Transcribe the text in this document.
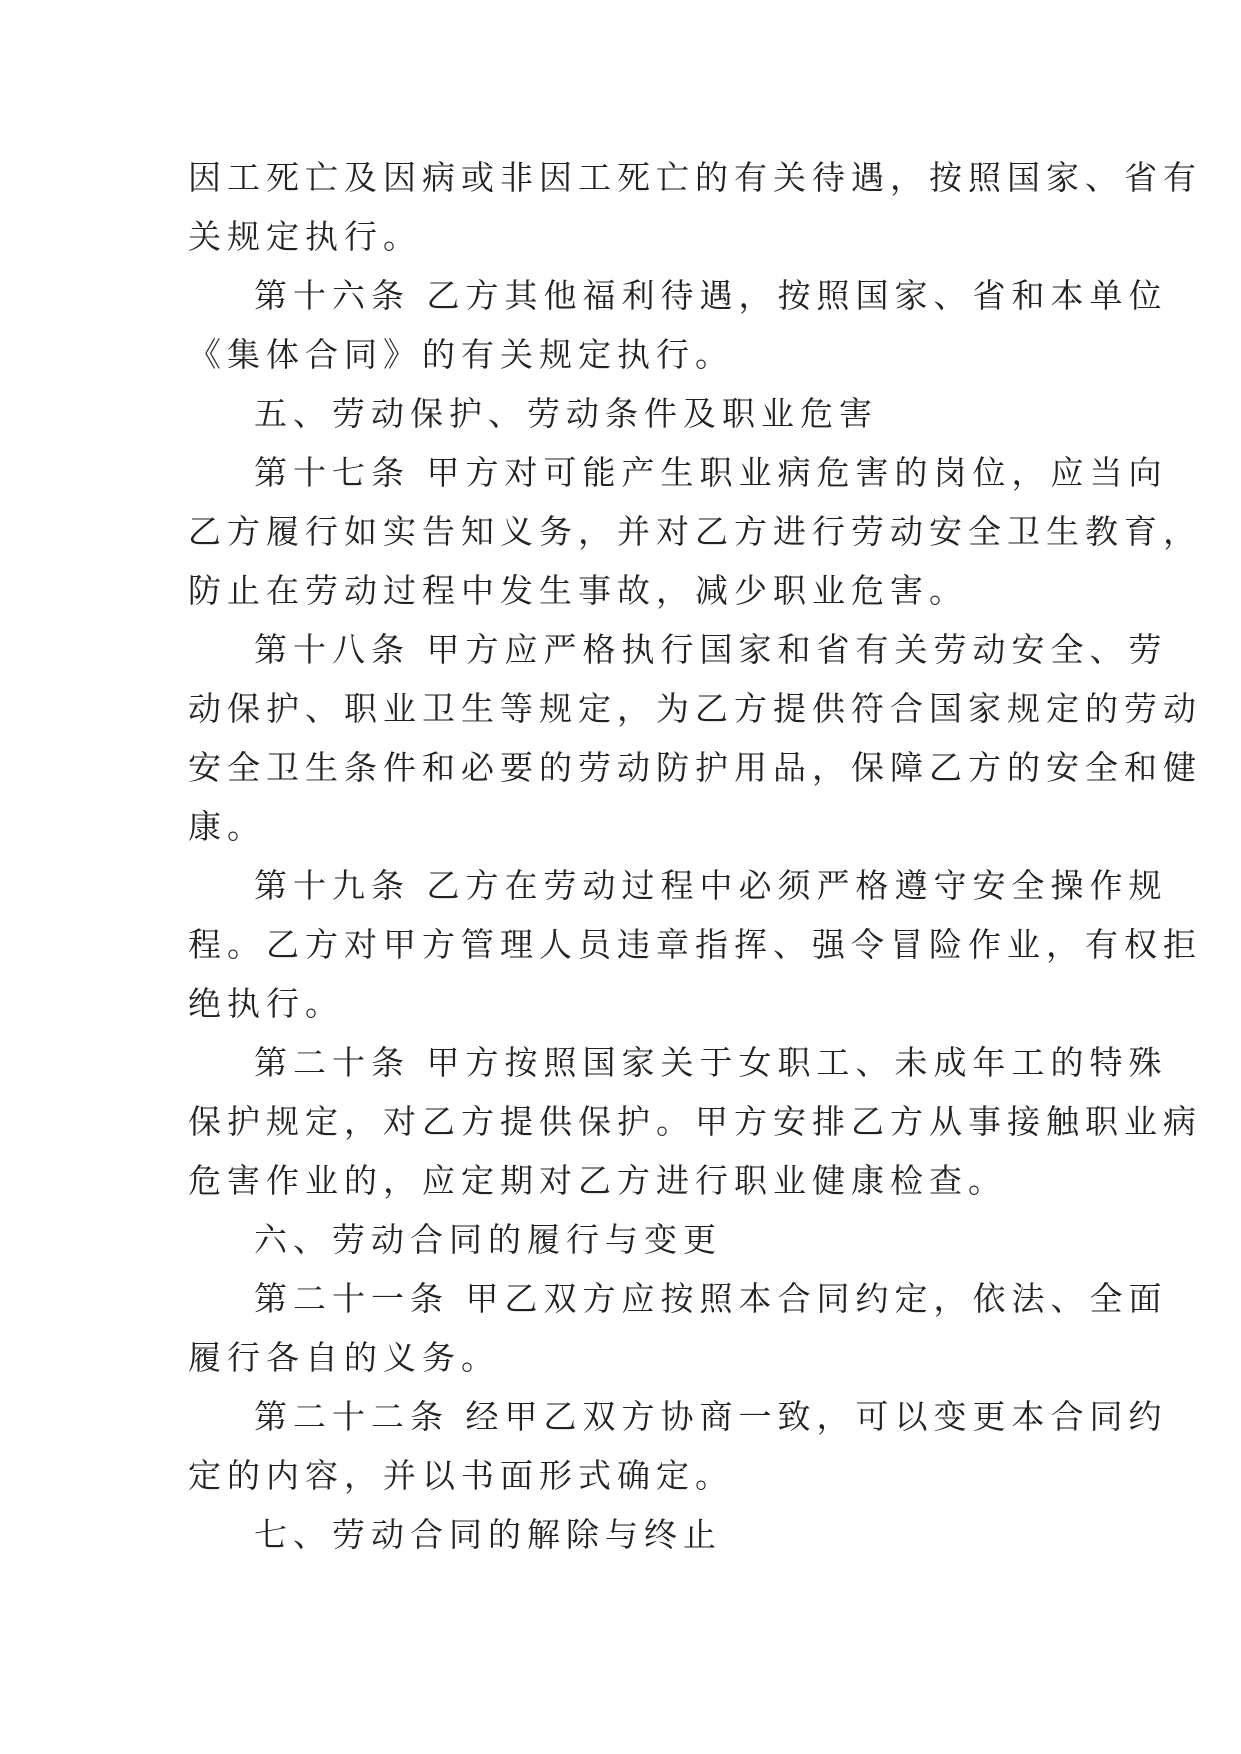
因工死亡及因病或非因工死亡的有关待遇，按照国家、省有
关规定执行。
第十六条 乙方其他福利待遇，按照国家、省和本单位
《集体合同》的有关规定执行。
五、劳动保护、劳动条件及职业危害
第十七条 甲方对可能产生职业病危害的岗位，应当向
乙方履行如实告知义务，并对乙方进行劳动安全卫生教育，
防止在劳动过程中发生事故，减少职业危害。
第十八条 甲方应严格执行国家和省有关劳动安全、劳
动保护、职业卫生等规定，为乙方提供符合国家规定的劳动
安全卫生条件和必要的劳动防护用品，保障乙方的安全和健
康。
第十九条 乙方在劳动过程中必须严格遵守安全操作规
程。乙方对甲方管理人员违章指挥、强令冒险作业，有权拒
绝执行。
第二十条 甲方按照国家关于女职工、未成年工的特殊
保护规定，对乙方提供保护。甲方安排乙方从事接触职业病
危害作业的，应定期对乙方进行职业健康检查。
六、劳动合同的履行与变更
第二十一条 甲乙双方应按照本合同约定，依法、全面
履行各自的义务。
第二十二条 经甲乙双方协商一致，可以变更本合同约
定的内容，并以书面形式确定。
七、劳动合同的解除与终止
